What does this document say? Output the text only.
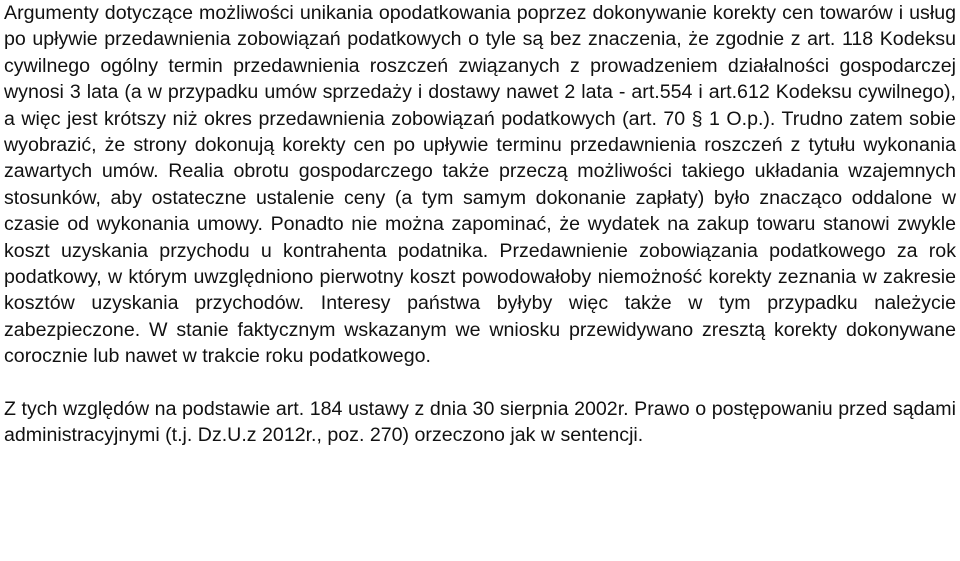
Argumenty dotyczące możliwości unikania opodatkowania poprzez dokonywanie korekty cen towarów i usług po upływie przedawnienia zobowiązań podatkowych o tyle są bez znaczenia, że zgodnie z art. 118 Kodeksu cywilnego ogólny termin przedawnienia roszczeń związanych z prowadzeniem działalności gospodarczej wynosi 3 lata (a w przypadku umów sprzedaży i dostawy nawet 2 lata - art.554 i art.612 Kodeksu cywilnego), a więc jest krótszy niż okres przedawnienia zobowiązań podatkowych (art. 70 § 1 O.p.). Trudno zatem sobie wyobrazić, że strony dokonują korekty cen po upływie terminu przedawnienia roszczeń z tytułu wykonania zawartych umów. Realia obrotu gospodarczego także przeczą możliwości takiego układania wzajemnych stosunków, aby ostateczne ustalenie ceny (a tym samym dokonanie zapłaty) było znacząco oddalone w czasie od wykonania umowy. Ponadto nie można zapominać, że wydatek na zakup towaru stanowi zwykle koszt uzyskania przychodu u kontrahenta podatnika. Przedawnienie zobowiązania podatkowego za rok podatkowy, w którym uwzględniono pierwotny koszt powodowałoby niemożność korekty zeznania w zakresie kosztów uzyskania przychodów. Interesy państwa byłyby więc także w tym przypadku należycie zabezpieczone. W stanie faktycznym wskazanym we wniosku przewidywano zresztą korekty dokonywane corocznie lub nawet w trakcie roku podatkowego.

Z tych względów na podstawie art. 184 ustawy z dnia 30 sierpnia 2002r. Prawo o postępowaniu przed sądami administracyjnymi (t.j. Dz.U.z 2012r., poz. 270) orzeczono jak w sentencji.
